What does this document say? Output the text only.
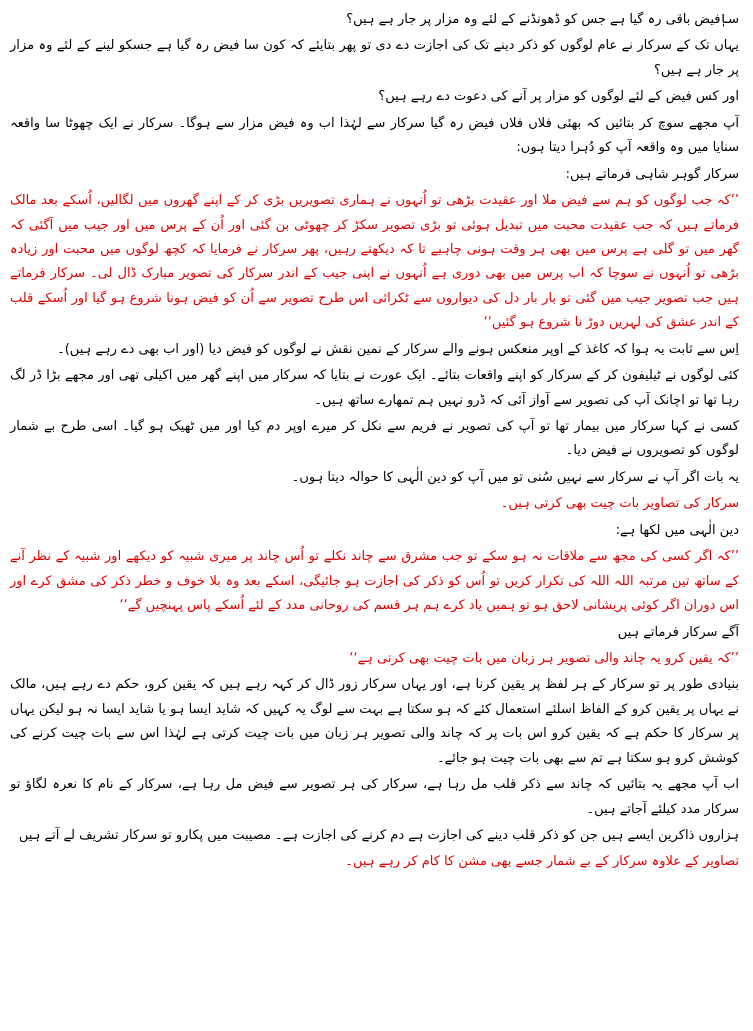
ساٖفیض باقی رہ گیا ہے جس کو ڈھونڈنے کے لئے وہ مزار پر جار ہے ہیں؟

یہاں تک کے سرکار نے عام لوگوں کو ذکر دینے تک کی اجازت دے دی تو پھر بتایئے کہ کون سا فیض رہ گیا ہے جسکو لینے کے لئے وہ مزار پر جار ہے ہیں؟

اور کس فیض کے لئے لوگوں کو مزار پر آنے کی دعوت دے رہے ہیں؟

آپ مجھے سوچ کر بتائیں کہ بھئی فلاں فلاں فیض رہ گیا سرکار سے لہٰذا اب وہ فیض مزار سے ہوگا۔ سرکار نے ایک چھوٹا سا واقعہ سنایا میں وہ واقعہ آپ کو دُہرا دیتا ہوں:

سرکار گوہر شاہی فرماتے ہیں:

’’کہ جب لوگوں کو ہم سے فیض ملا اور عقیدت بڑھی تو اُنہوں نے ہماری تصویریں بڑی کر کے اپنے گھروں میں لگالیں، اُسکے بعد مالک فرماتے ہیں کہ جب عقیدت محبت میں تبدیل ہوئی تو بڑی تصویر سکڑ کر چھوٹی بن گئی اور اُن کے پرس میں اور جیب میں آگئی کہ گھر میں تو گلی ہے پرس میں بھی ہر وقت ہونی چاہیے تا کہ دیکھتے رہیں، پھر سرکار نے فرمایا کہ کچھ لوگوں میں محبت اور زیادہ بڑھی تو اُنہوں نے سوچا کہ اب پرس میں بھی دوری ہے اُنہوں نے اپنی جیب کے اندر سرکار کی تصویر مبارک ڈال لی۔ سرکار فرماتے ہیں جب تصویر جیب میں گئی تو بار بار دل کی دیواروں سے ٹکرائی اس طرح تصویر سے اُن کو فیض ہونا شروع ہو گیا اور اُسکے قلب کے اندر عشق کی لہریں دوڑ نا شروع ہو گئیں‘‘

اِس سے ثابت یہ ہوا کہ کاغذ کے اوپر منعکس ہونے والے سرکار کے نمین نقش نے لوگوں کو فیض دیا (اور اب بھی دے رہے ہیں)۔

کئی لوگوں نے ٹیلیفون کر کے سرکار کو اپنے واقعات بتائے۔ ایک عورت نے بتایا کہ سرکار میں اپنے گھر میں اکیلی تھی اور مجھے بڑا ڈر لگ رہا تھا تو اچانک آپ کی تصویر سے آواز آئی کہ ڈرو نہیں ہم تمھارے ساتھ ہیں۔

کسی نے کہا سرکار میں بیمار تھا تو آپ کی تصویر نے فریم سے نکل کر میرے اوپر دم کیا اور میں ٹھیک ہو گیا۔ اسی طرح بے شمار لوگوں کو تصویروں نے فیض دیا۔

یہ بات اگر آپ نے سرکار سے نہیں سُنی تو میں آپ کو دین الٰہی کا حوالہ دیتا ہوں۔

سرکار کی تصاویر بات چیت بھی کرتی ہیں۔

دین الٰہی میں لکھا ہے:

’’کہ اگر کسی کی مجھ سے ملاقات نہ ہو سکے تو جب مشرق سے چاند نکلے تو اُس چاند پر میری شبیہ کو دیکھے اور شبیہ کے نظر آنے کے ساتھ تین مرتبہ اللہ اللہ کی تکرار کریں تو اُس کو ذکر کی اجازت ہو جائیگی، اسکے بعد وہ بلا خوف و خطر ذکر کی مشق کرے اور اس دوران اگر کوئی پریشانی لاحق ہو تو ہمیں یاد کرے ہم ہر قسم کی روحانی مدد کے لئے اُسکے پاس پہنچیں گے‘‘

آگے سرکار فرماتے ہیں

’’کہ یقین کرو یہ چاند والی تصویر ہر زبان میں بات چیت بھی کرتی ہے‘‘

بنیادی طور پر تو سرکار کے ہر لفظ پر یقین کرنا ہے، اور یہاں سرکار زور ڈال کر کہہ رہے ہیں کہ یقین کرو، حکم دے رہے ہیں، مالک نے یہاں پر یقین کرو کے الفاظ اسلئے استعمال کئے کہ ہو سکتا ہے بہت سے لوگ یہ کہیں کہ شاید ایسا ہو یا شاید ایسا نہ ہو لیکن یہاں پر سرکار کا حکم ہے کہ یقین کرو اس بات پر کہ چاند والی تصویر ہر زبان میں بات چیت کرتی ہے لہٰذا اس سے بات چیت کرنے کی کوشش کرو ہو سکتا ہے تم سے بھی بات چیت ہو جائے۔

اب آپ مجھے یہ بتائیں کہ چاند سے ذکر قلب مل رہا ہے، سرکار کی ہر تصویر سے فیض مل رہا ہے، سرکار کے نام کا نعرہ لگاؤ تو سرکار مدد کیلئے آجاتے ہیں۔

ہزاروں ذاکرین ایسے ہیں جن کو ذکر قلب دینے کی اجازت ہے دم کرنے کی اجازت ہے۔ مصیبت میں پکارو تو سرکار تشریف لے آتے ہیں

تصاویر کے علاوہ سرکار کے بے شمار جسے بھی مشن کا کام کر رہے ہیں۔
